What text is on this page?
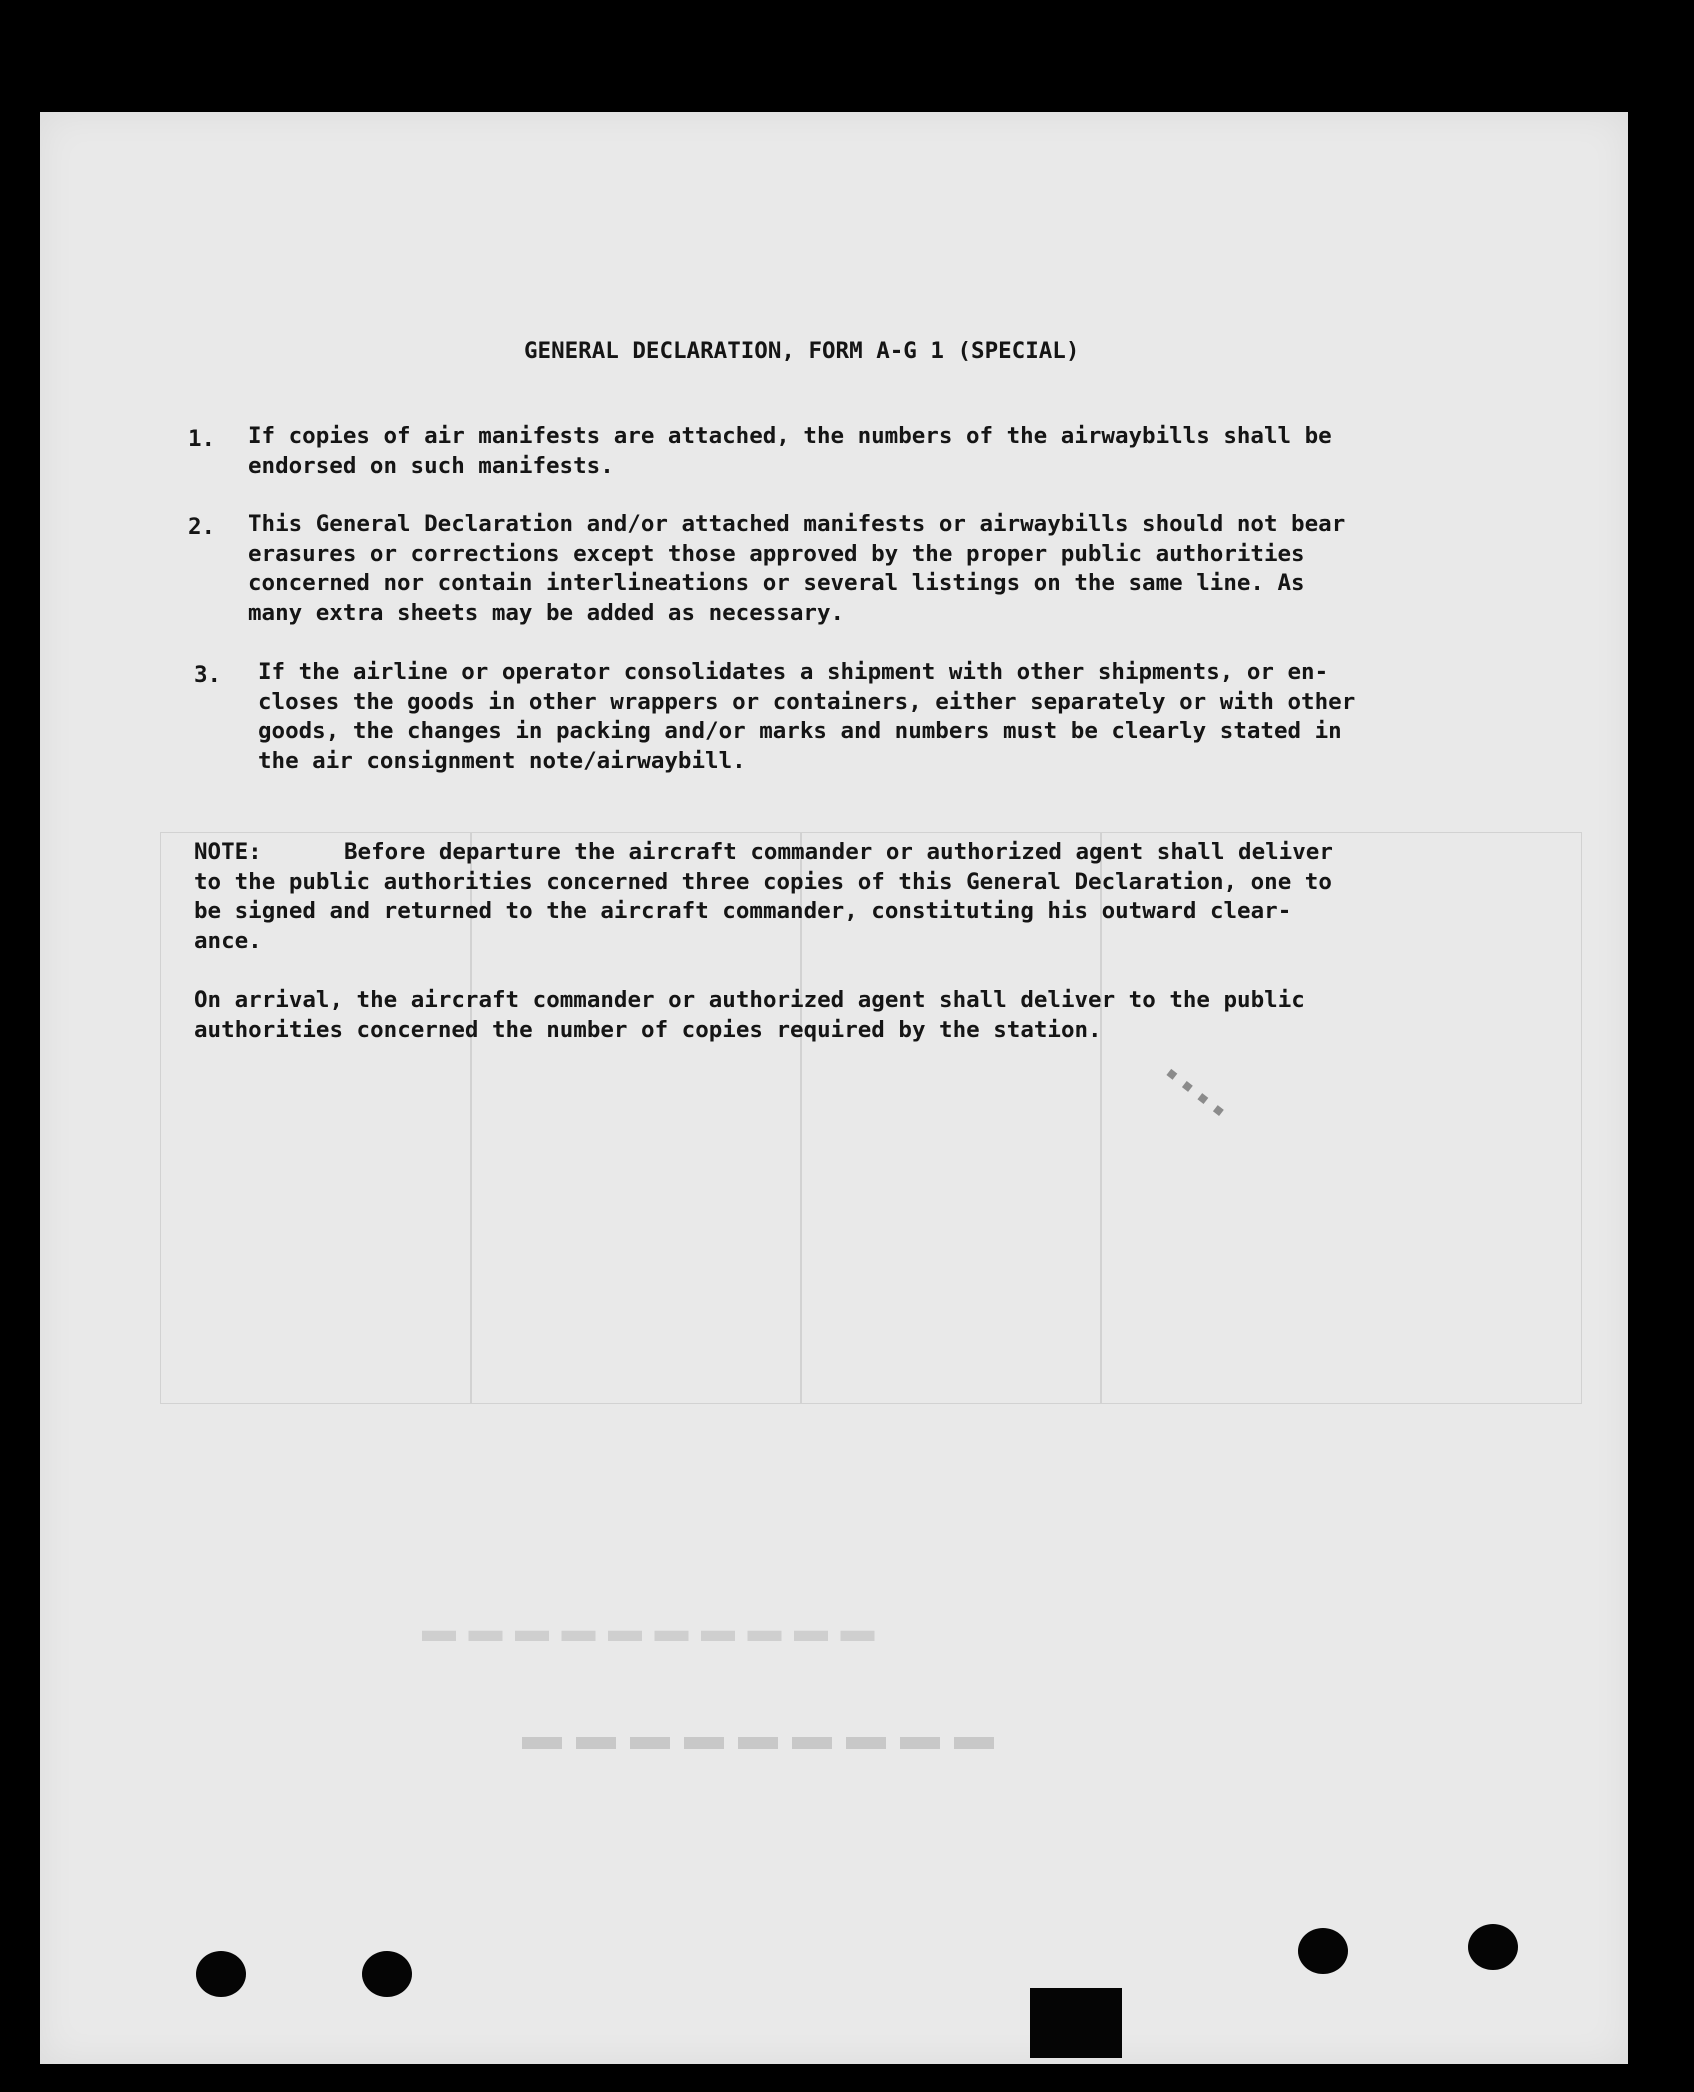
▬ ▬ ▬ ▬ ▬ ▬ ▬ ▬ ▬ ▬
▬ ▬ ▬ ▬ ▬ ▬ ▬ ▬ ▬
GENERAL DECLARATION, FORM A-G 1 (SPECIAL)
1. If copies of air manifests are attached, the numbers of the airwaybills shall be
endorsed on such manifests.
2. This General Declaration and/or attached manifests or airwaybills should not bear
erasures or corrections except those approved by the proper public authorities
concerned nor contain interlineations or several listings on the same line. As
many extra sheets may be added as necessary.
3. If the airline or operator consolidates a shipment with other shipments, or en-
closes the goods in other wrappers or containers, either separately or with other
goods, the changes in packing and/or marks and numbers must be clearly stated in
the air consignment note/airwaybill.
NOTE:	Before departure the aircraft commander or authorized agent shall deliver
to the public authorities concerned three copies of this General Declaration, one to
be signed and returned to the aircraft commander, constituting his outward clear-
ance.
On arrival, the aircraft commander or authorized agent shall deliver to the public
authorities concerned the number of copies required by the station.
■ ■ ■ ■
